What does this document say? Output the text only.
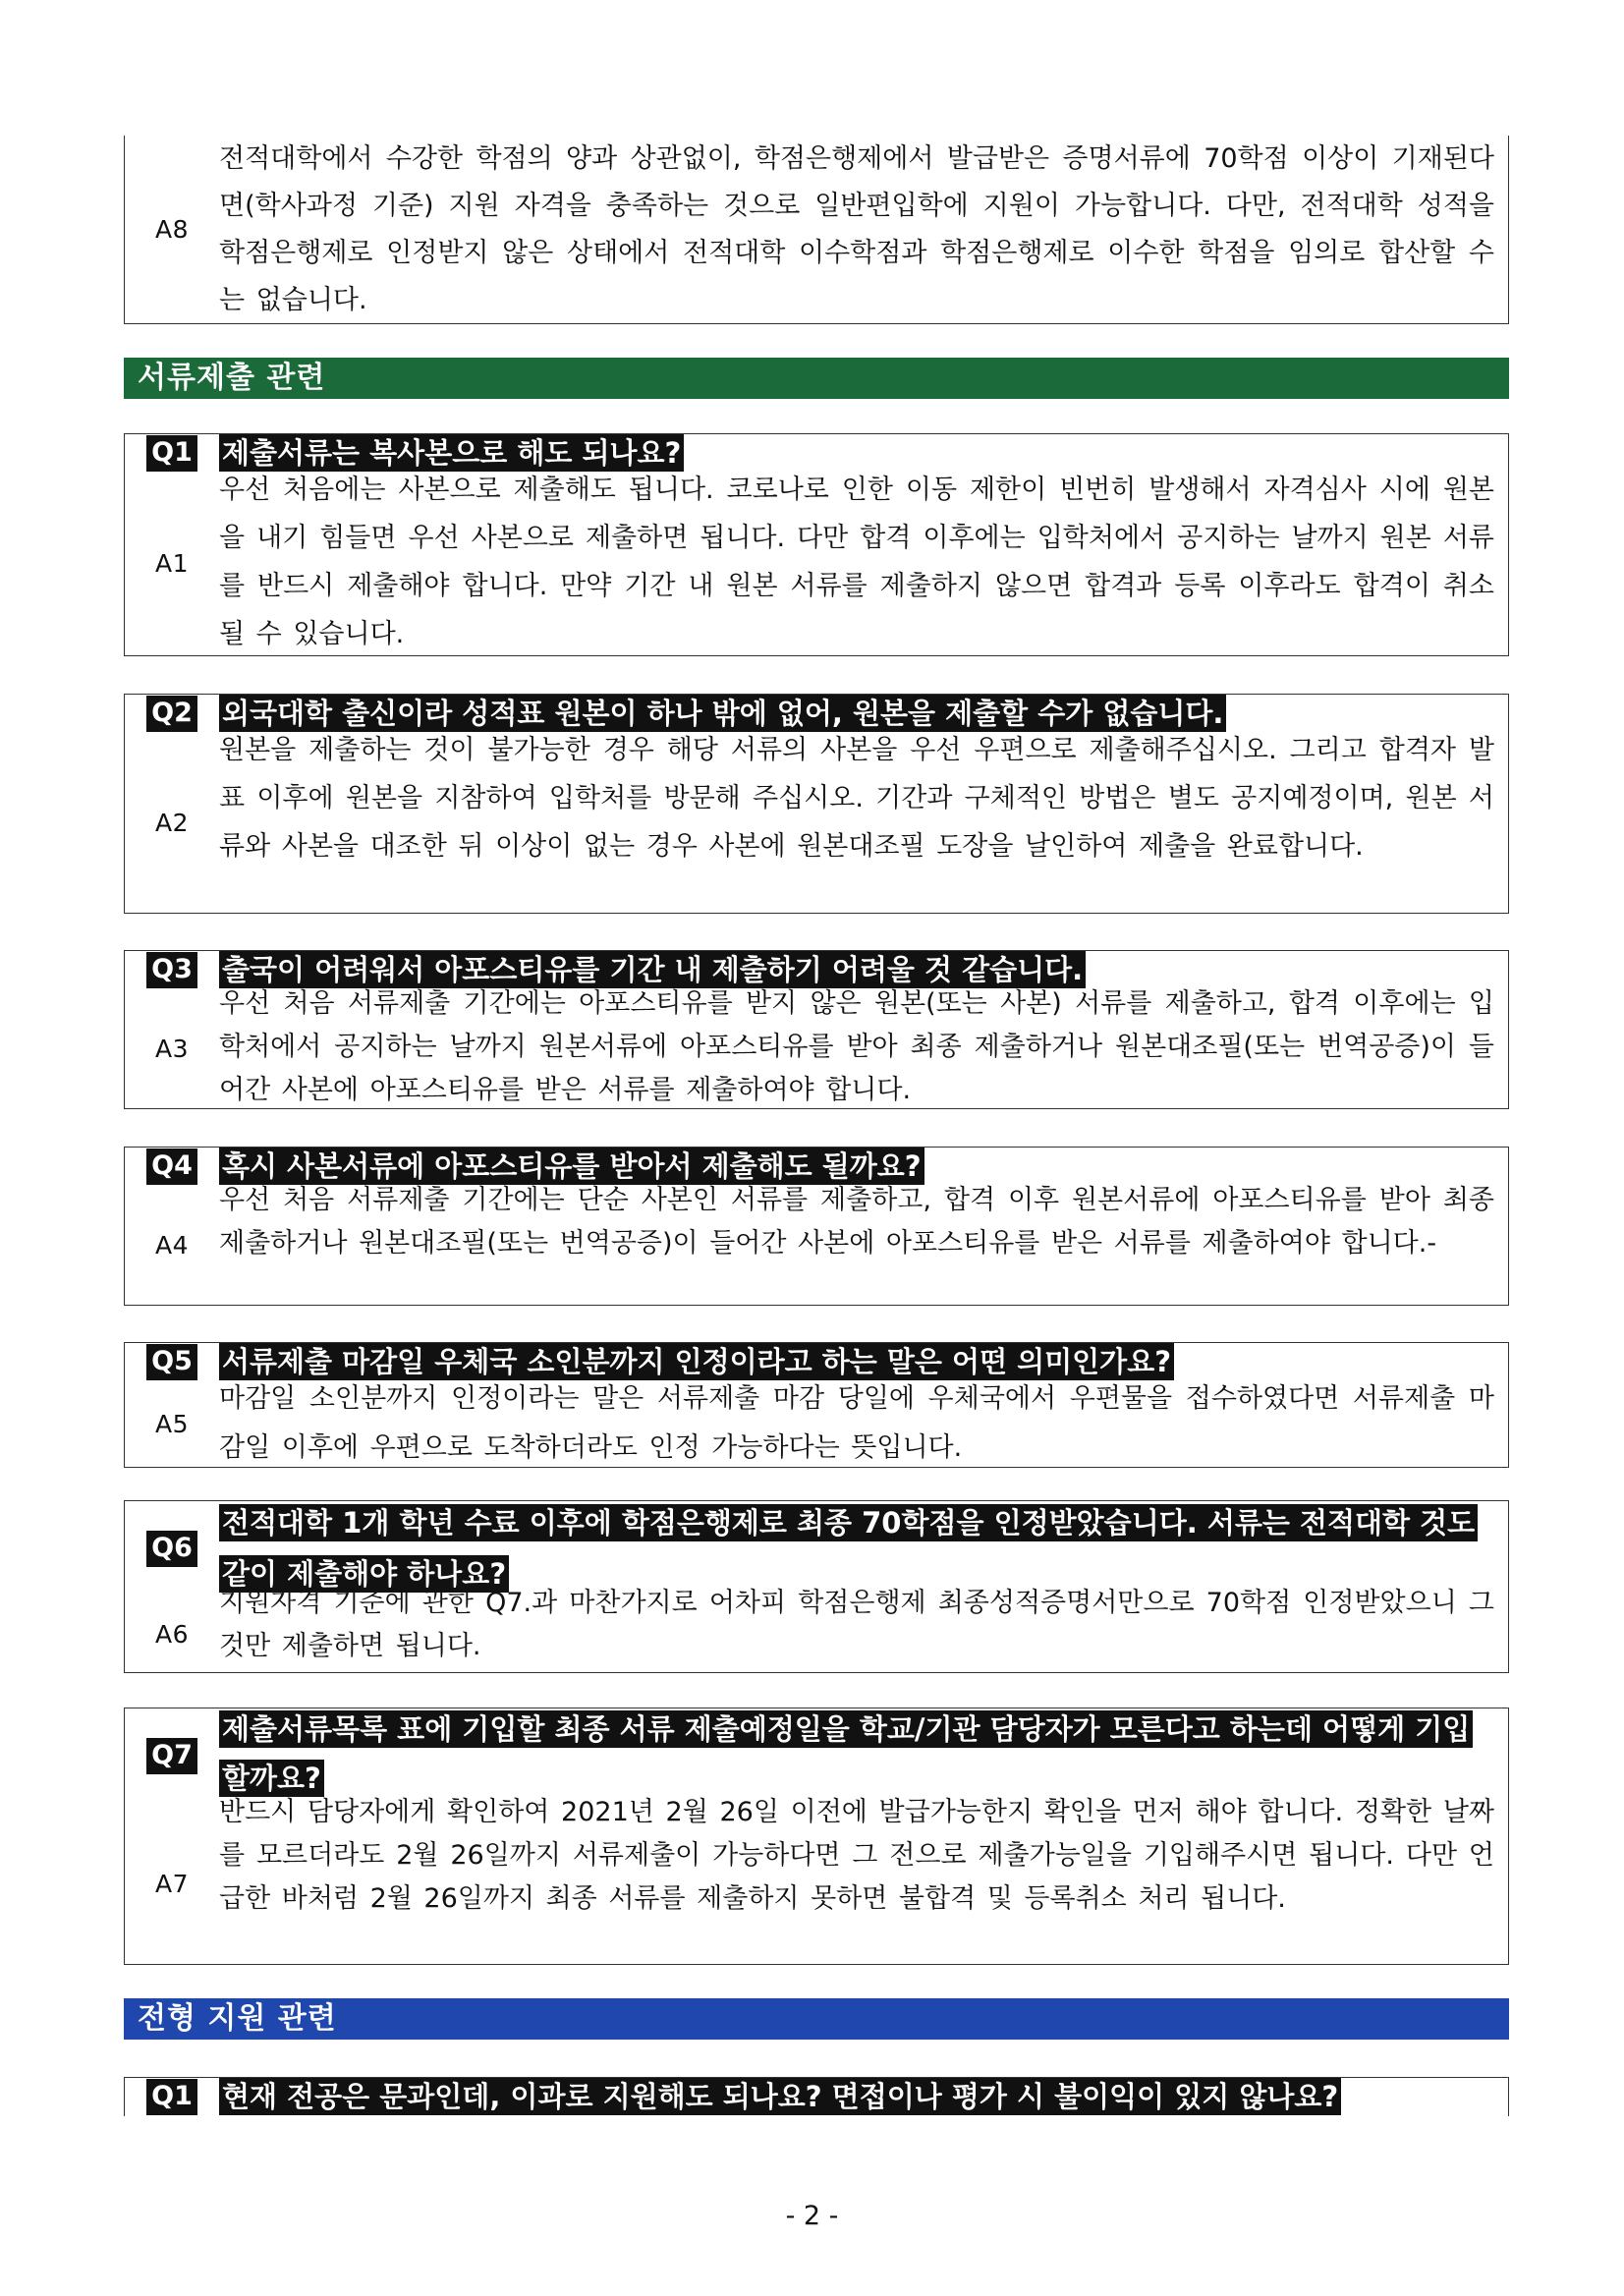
A8
전적대학에서 수강한 학점의 양과 상관없이, 학점은행제에서 발급받은 증명서류에 70학점 이상이 기재된다면(학사과정 기준) 지원 자격을 충족하는 것으로 일반편입학에 지원이 가능합니다. 다만, 전적대학 성적을 학점은행제로 인정받지 않은 상태에서 전적대학 이수학점과 학점은행제로 이수한 학점을 임의로 합산할 수는 없습니다.
서류제출 관련
Q1 제출서류는 복사본으로 해도 되나요?
A1
우선 처음에는 사본으로 제출해도 됩니다. 코로나로 인한 이동 제한이 빈번히 발생해서 자격심사 시에 원본을 내기 힘들면 우선 사본으로 제출하면 됩니다. 다만 합격 이후에는 입학처에서 공지하는 날까지 원본 서류를 반드시 제출해야 합니다. 만약 기간 내 원본 서류를 제출하지 않으면 합격과 등록 이후라도 합격이 취소될 수 있습니다.
Q2 외국대학 출신이라 성적표 원본이 하나 밖에 없어, 원본을 제출할 수가 없습니다.
A2
원본을 제출하는 것이 불가능한 경우 해당 서류의 사본을 우선 우편으로 제출해주십시오. 그리고 합격자 발표 이후에 원본을 지참하여 입학처를 방문해 주십시오. 기간과 구체적인 방법은 별도 공지예정이며, 원본 서류와 사본을 대조한 뒤 이상이 없는 경우 사본에 원본대조필 도장을 날인하여 제출을 완료합니다.
Q3 출국이 어려워서 아포스티유를 기간 내 제출하기 어려울 것 같습니다.
A3
우선 처음 서류제출 기간에는 아포스티유를 받지 않은 원본(또는 사본) 서류를 제출하고, 합격 이후에는 입학처에서 공지하는 날까지 원본서류에 아포스티유를 받아 최종 제출하거나 원본대조필(또는 번역공증)이 들어간 사본에 아포스티유를 받은 서류를 제출하여야 합니다.
Q4 혹시 사본서류에 아포스티유를 받아서 제출해도 될까요?
A4
우선 처음 서류제출 기간에는 단순 사본인 서류를 제출하고, 합격 이후 원본서류에 아포스티유를 받아 최종 제출하거나 원본대조필(또는 번역공증)이 들어간 사본에 아포스티유를 받은 서류를 제출하여야 합니다.-
Q5 서류제출 마감일 우체국 소인분까지 인정이라고 하는 말은 어떤 의미인가요?
A5
마감일 소인분까지 인정이라는 말은 서류제출 마감 당일에 우체국에서 우편물을 접수하였다면 서류제출 마감일 이후에 우편으로 도착하더라도 인정 가능하다는 뜻입니다.
Q6
전적대학 1개 학년 수료 이후에 학점은행제로 최종 70학점을 인정받았습니다. 서류는 전적대학 것도 같이 제출해야 하나요?
A6
지원자격 기준에 관한 Q7.과 마찬가지로 어차피 학점은행제 최종성적증명서만으로 70학점 인정받았으니 그것만 제출하면 됩니다.
Q7
제출서류목록 표에 기입할 최종 서류 제출예정일을 학교/기관 담당자가 모른다고 하는데 어떻게 기입할까요?
A7
반드시 담당자에게 확인하여 2021년 2월 26일 이전에 발급가능한지 확인을 먼저 해야 합니다. 정확한 날짜를 모르더라도 2월 26일까지 서류제출이 가능하다면 그 전으로 제출가능일을 기입해주시면 됩니다. 다만 언급한 바처럼 2월 26일까지 최종 서류를 제출하지 못하면 불합격 및 등록취소 처리 됩니다.
전형 지원 관련
Q1 현재 전공은 문과인데, 이과로 지원해도 되나요? 면접이나 평가 시 불이익이 있지 않나요?
- 2 -
